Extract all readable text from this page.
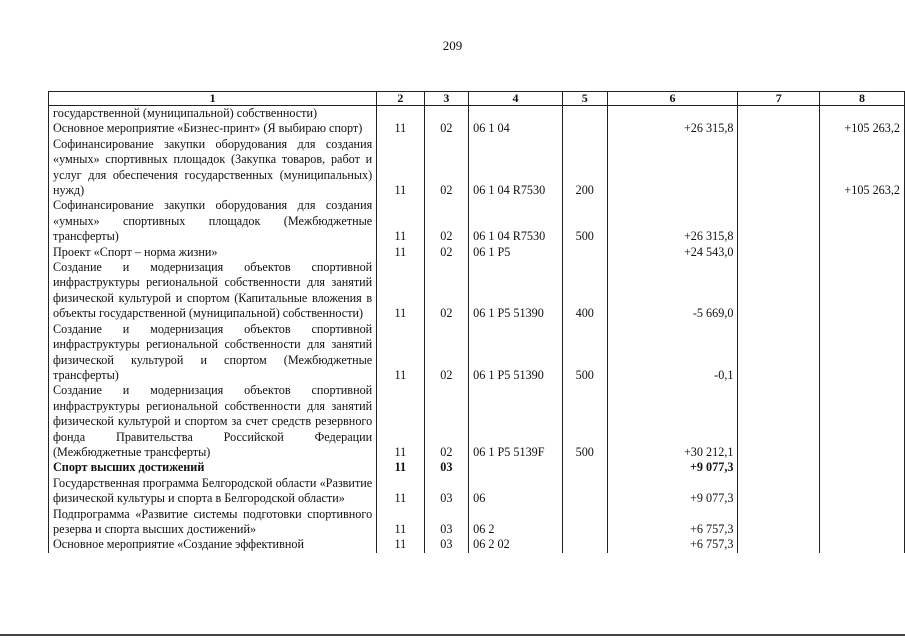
209
1	2	3	4	5	6	7	8
государственной (муниципальной) собственности)							
Основное мероприятие «Бизнес-принт» (Я выбираю спорт)	11	02	06 1 04		+26 315,8		+105 263,2
Софинансирование закупки оборудования для создания «умных» спортивных площадок (Закупка товаров, работ и услуг для обеспечения государственных (муниципальных) нужд)	11	02	06 1 04 R7530	200			+105 263,2
Софинансирование закупки оборудования для создания «умных» спортивных площадок (Межбюджетные трансферты)	11	02	06 1 04 R7530	500	+26 315,8		
Проект «Спорт – норма жизни»	11	02	06 1 P5		+24 543,0		
Создание и модернизация объектов спортивной инфраструктуры региональной собственности для занятий физической культурой и спортом (Капитальные вложения в объекты государственной (муниципальной) собственности)	11	02	06 1 P5 51390	400	-5 669,0		
Создание и модернизация объектов спортивной инфраструктуры региональной собственности для занятий физической культурой и спортом (Межбюджетные трансферты)	11	02	06 1 P5 51390	500	-0,1		
Создание и модернизация объектов спортивной инфраструктуры региональной собственности для занятий физической культурой и спортом за счет средств резервного фонда Правительства Российской Федерации (Межбюджетные трансферты)	11	02	06 1 P5 5139F	500	+30 212,1		
Спорт высших достижений	11	03			+9 077,3		
Государственная программа Белгородской области «Развитие физической культуры и спорта в Белгородской области»	11	03	06		+9 077,3		
Подпрограмма «Развитие системы подготовки спортивного резерва и спорта высших достижений»	11	03	06 2		+6 757,3		
Основное мероприятие «Создание эффективной	11	03	06 2 02		+6 757,3		
